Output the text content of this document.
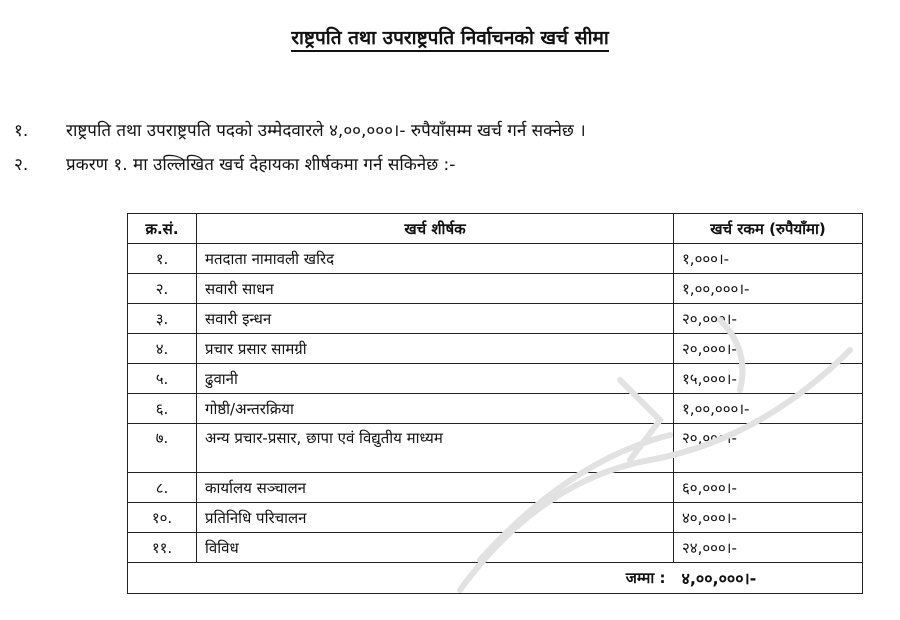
राष्ट्रपति तथा उपराष्ट्रपति निर्वाचनको खर्च सीमा
१. राष्ट्रपति तथा उपराष्ट्रपति पदको उम्मेदवारले ४,००,०००।- रुपैयाँसम्म खर्च गर्न सक्नेछ ।
२. प्रकरण १. मा उल्लिखित खर्च देहायका शीर्षकमा गर्न सकिनेछ :-
क्र.सं.	खर्च शीर्षक	खर्च रकम (रुपैयाँमा)
१.	मतदाता नामावली खरिद	१,०००।-
२.	सवारी साधन	१,००,०००।-
३.	सवारी इन्धन	२०,०००।-
४.	प्रचार प्रसार सामग्री	२०,०००।-
५.	ढुवानी	१५,०००।-
६.	गोष्ठी/अन्तरक्रिया	१,००,०००।-
७.	अन्य प्रचार-प्रसार, छापा एवं विद्युतीय माध्यम	२०,०००।-
८.	कार्यालय सञ्चालन	६०,०००।-
१०.	प्रतिनिधि परिचालन	४०,०००।-
११.	विविध	२४,०००।-
जम्मा :		४,००,०००।-
